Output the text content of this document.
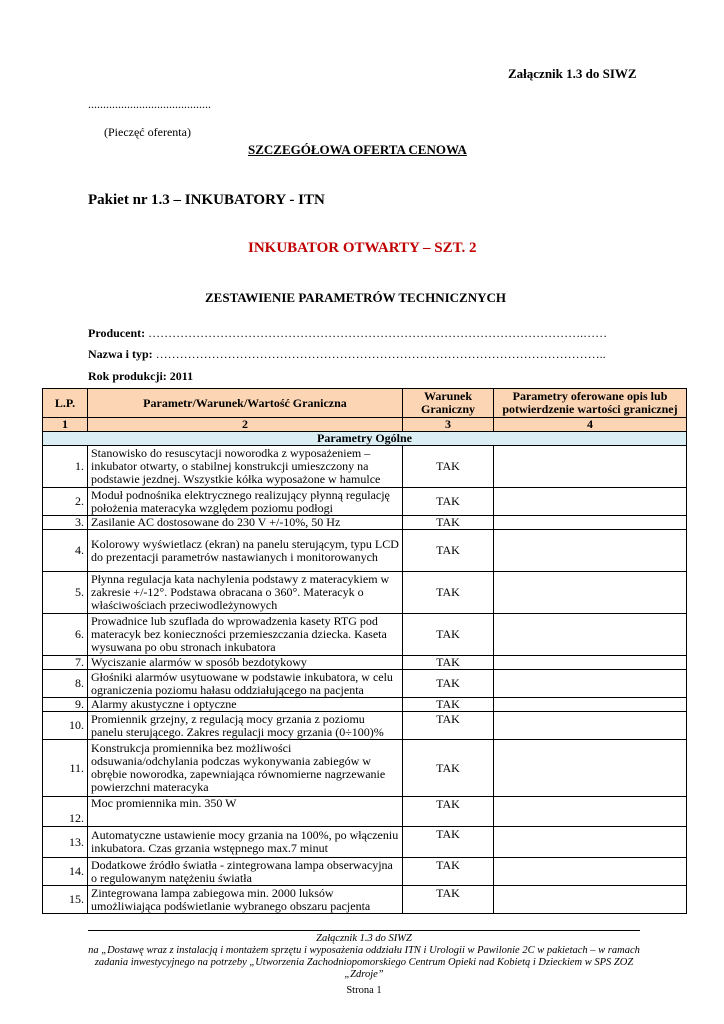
Załącznik 1.3 do SIWZ
.........................................
(Pieczęć oferenta)
SZCZEGÓŁOWA OFERTA CENOWA
Pakiet nr 1.3 – INKUBATORY - ITN
INKUBATOR OTWARTY – SZT. 2
ZESTAWIENIE PARAMETRÓW TECHNICZNYCH
Producent: ……………………………………………………………………………………………….……
Nazwa i typ: …………………………………………………………………………………………………..
Rok produkcji: 2011
L.P.	Parametr/Warunek/Wartość Graniczna	Warunek Graniczny	Parametry oferowane opis lub potwierdzenie wartości granicznej
1	2	3	4
Parametry Ogólne			
1.	Stanowisko do resuscytacji noworodka z wyposażeniem – inkubator otwarty, o stabilnej konstrukcji umieszczony na podstawie jezdnej. Wszystkie kółka wyposażone w hamulce	TAK	
2.	Moduł podnośnika elektrycznego realizujący płynną regulację położenia materacyka względem poziomu podłogi	TAK	
3.	Zasilanie AC dostosowane do 230 V +/-10%, 50 Hz	TAK	
4.	Kolorowy wyświetlacz (ekran) na panelu sterującym, typu LCD do prezentacji parametrów nastawianych i monitorowanych	TAK	
5.	Płynna regulacja kata nachylenia podstawy z materacykiem w zakresie +/-12°. Podstawa obracana o 360°. Materacyk o właściwościach przeciwodleżynowych	TAK	
6.	Prowadnice lub szuflada do wprowadzenia kasety RTG pod materacyk bez konieczności przemieszczania dziecka. Kaseta wysuwana po obu stronach inkubatora	TAK	
7.	Wyciszanie alarmów w sposób bezdotykowy	TAK	
8.	Głośniki alarmów usytuowane w podstawie inkubatora, w celu ograniczenia poziomu hałasu oddziałującego na pacjenta	TAK	
9.	Alarmy akustyczne i optyczne	TAK	
10.	Promiennik grzejny, z regulacją mocy grzania z poziomu panelu sterującego. Zakres regulacji mocy grzania (0÷100)%	TAK	
11.	Konstrukcja promiennika bez możliwości odsuwania/odchylania podczas wykonywania zabiegów w obrębie noworodka, zapewniająca równomierne nagrzewanie powierzchni materacyka	TAK	
12.	Moc promiennika min. 350 W	TAK	
13.	Automatyczne ustawienie mocy grzania na 100%, po włączeniu inkubatora. Czas grzania wstępnego max.7 minut	TAK	
14.	Dodatkowe źródło światła - zintegrowana lampa obserwacyjna o regulowanym natężeniu światła	TAK	
15.	Zintegrowana lampa zabiegowa min. 2000 luksów umożliwiająca podświetlanie wybranego obszaru pacjenta	TAK	
Załącznik 1.3 do SIWZ
na „Dostawę wraz z instalacją i montażem sprzętu i wyposażenia oddziału ITN i Urologii w Pawilonie 2C w pakietach – w ramach zadania inwestycyjnego na potrzeby „Utworzenia Zachodniopomorskiego Centrum Opieki nad Kobietą i Dzieckiem w SPS ZOZ „Zdroje”
Strona 1
